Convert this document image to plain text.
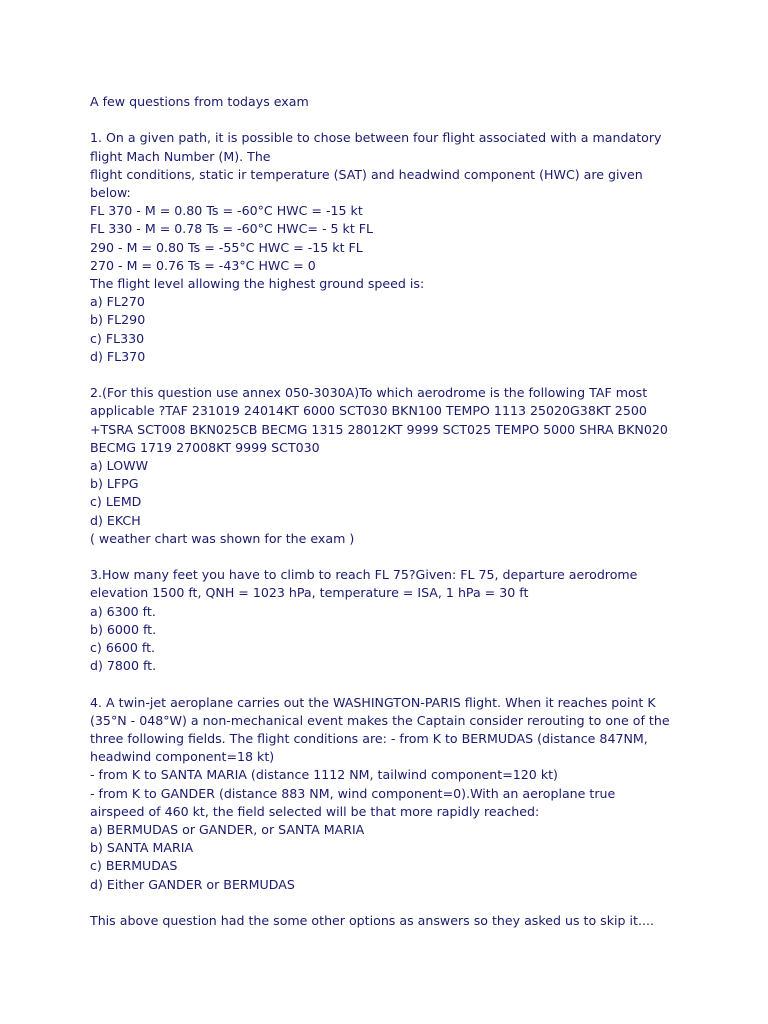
A few questions from todays exam
1. On a given path, it is possible to chose between four flight associated with a mandatory
flight Mach Number (M). The
flight conditions, static ir temperature (SAT) and headwind component (HWC) are given
below:
FL 370 - M = 0.80 Ts = -60°C HWC = -15 kt
FL 330 - M = 0.78 Ts = -60°C HWC= - 5 kt FL
290 - M = 0.80 Ts = -55°C HWC = -15 kt FL
270 - M = 0.76 Ts = -43°C HWC = 0
The flight level allowing the highest ground speed is:
a) FL270
b) FL290
c) FL330
d) FL370
2.(For this question use annex 050-3030A)To which aerodrome is the following TAF most
applicable ?TAF 231019 24014KT 6000 SCT030 BKN100 TEMPO 1113 25020G38KT 2500
+TSRA SCT008 BKN025CB BECMG 1315 28012KT 9999 SCT025 TEMPO 5000 SHRA BKN020
BECMG 1719 27008KT 9999 SCT030
a) LOWW
b) LFPG
c) LEMD
d) EKCH
( weather chart was shown for the exam )
3.How many feet you have to climb to reach FL 75?Given: FL 75, departure aerodrome
elevation 1500 ft, QNH = 1023 hPa, temperature = ISA, 1 hPa = 30 ft
a) 6300 ft.
b) 6000 ft.
c) 6600 ft.
d) 7800 ft.
4. A twin-jet aeroplane carries out the WASHINGTON-PARIS flight. When it reaches point K
(35°N - 048°W) a non-mechanical event makes the Captain consider rerouting to one of the
three following fields. The flight conditions are: - from K to BERMUDAS (distance 847NM,
headwind component=18 kt)
- from K to SANTA MARIA (distance 1112 NM, tailwind component=120 kt)
- from K to GANDER (distance 883 NM, wind component=0).With an aeroplane true
airspeed of 460 kt, the field selected will be that more rapidly reached:
a) BERMUDAS or GANDER, or SANTA MARIA
b) SANTA MARIA
c) BERMUDAS
d) Either GANDER or BERMUDAS
This above question had the some other options as answers so they asked us to skip it....
